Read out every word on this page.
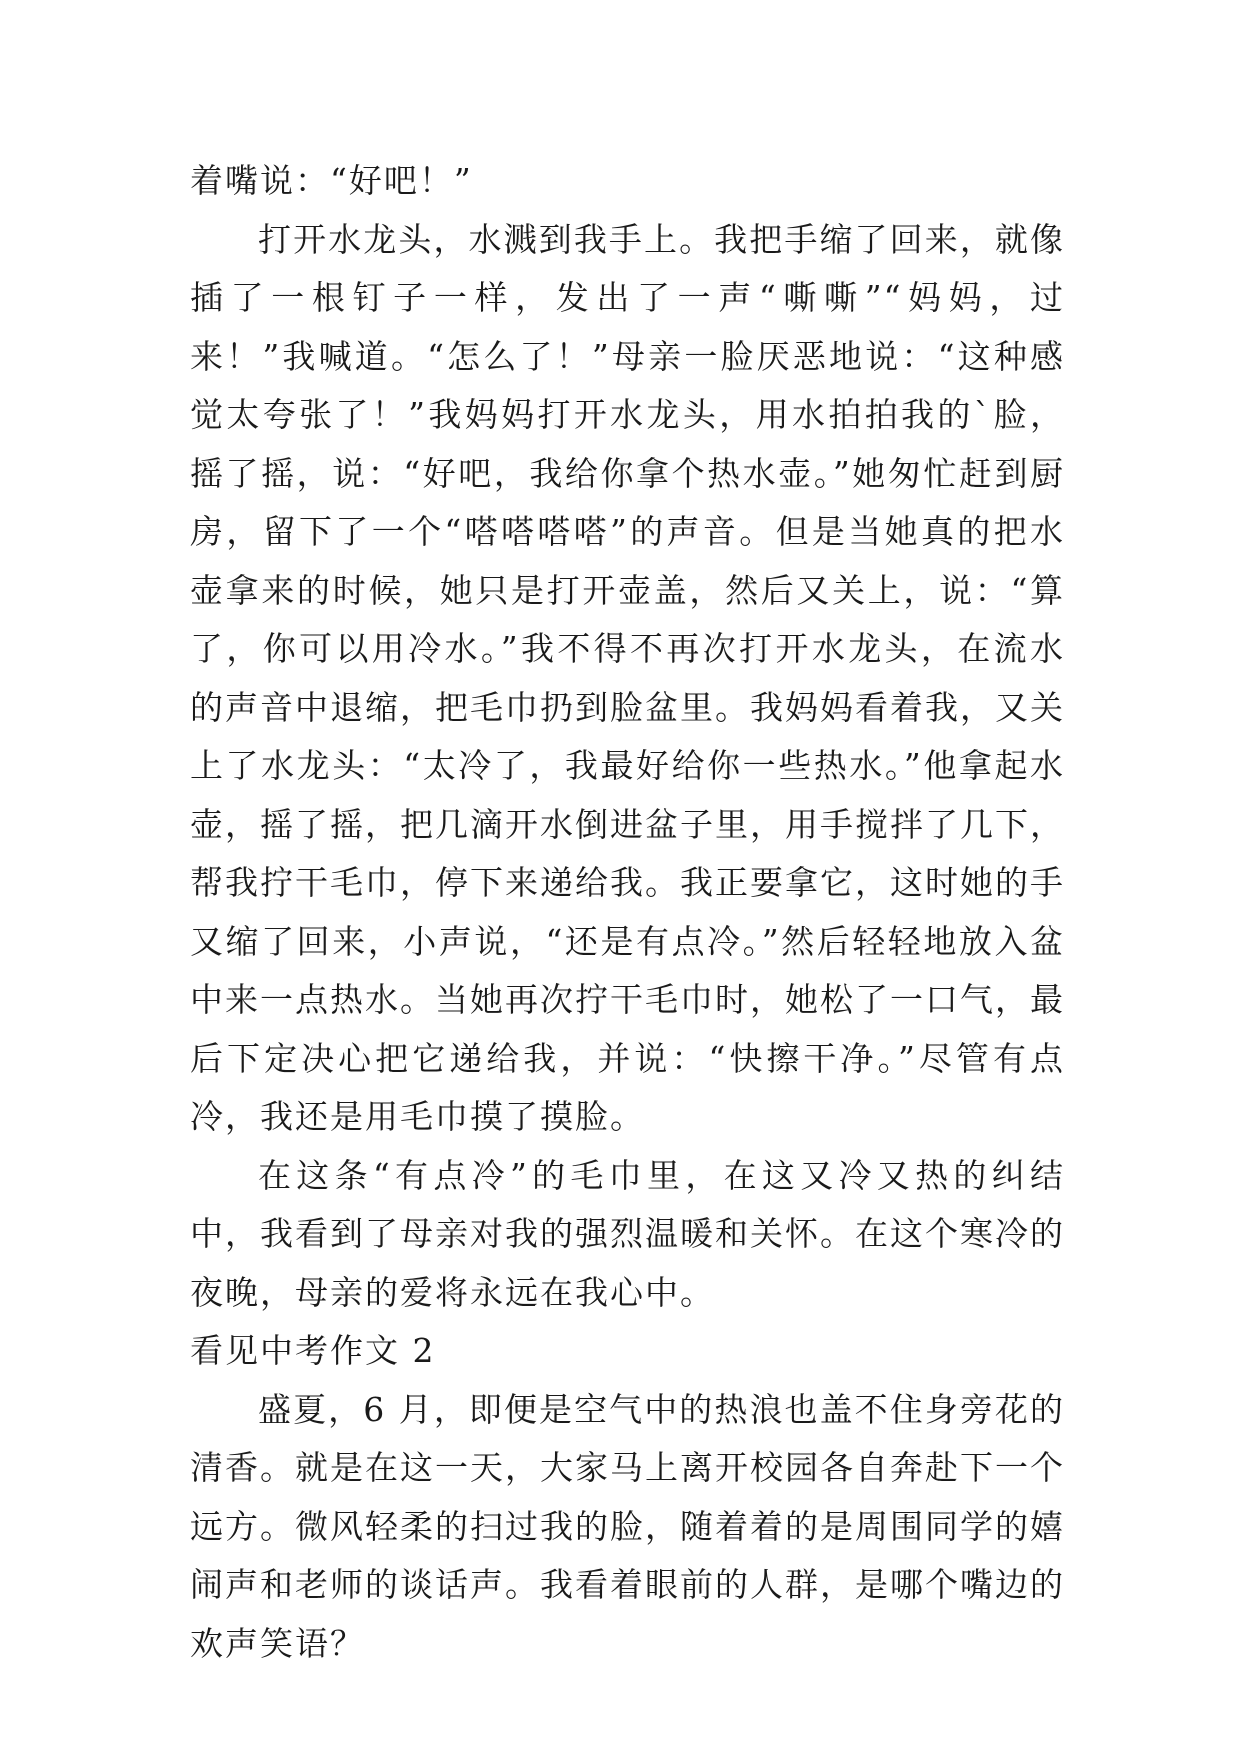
着嘴说：“好吧！”

打开水龙头，水溅到我手上。我把手缩了回来，就像插了一根钉子一样，发出了一声“嘶嘶”“妈妈，过来！”我喊道。“怎么了！”母亲一脸厌恶地说：“这种感觉太夸张了！”我妈妈打开水龙头，用水拍拍我的`脸，摇了摇，说：“好吧，我给你拿个热水壶。”她匆忙赶到厨房，留下了一个“嗒嗒嗒嗒”的声音。但是当她真的把水壶拿来的时候，她只是打开壶盖，然后又关上，说：“算了，你可以用冷水。”我不得不再次打开水龙头，在流水的声音中退缩，把毛巾扔到脸盆里。我妈妈看着我，又关上了水龙头：“太冷了，我最好给你一些热水。”他拿起水壶，摇了摇，把几滴开水倒进盆子里，用手搅拌了几下，帮我拧干毛巾，停下来递给我。我正要拿它，这时她的手又缩了回来，小声说，“还是有点冷。”然后轻轻地放入盆中来一点热水。当她再次拧干毛巾时，她松了一口气，最后下定决心把它递给我，并说：“快擦干净。”尽管有点冷，我还是用毛巾摸了摸脸。

在这条“有点冷”的毛巾里，在这又冷又热的纠结中，我看到了母亲对我的强烈温暖和关怀。在这个寒冷的夜晚，母亲的爱将永远在我心中。

看见中考作文 2

盛夏，6 月，即便是空气中的热浪也盖不住身旁花的清香。就是在这一天，大家马上离开校园各自奔赴下一个远方。微风轻柔的扫过我的脸，随着着的是周围同学的嬉闹声和老师的谈话声。我看着眼前的人群，是哪个嘴边的欢声笑语？
